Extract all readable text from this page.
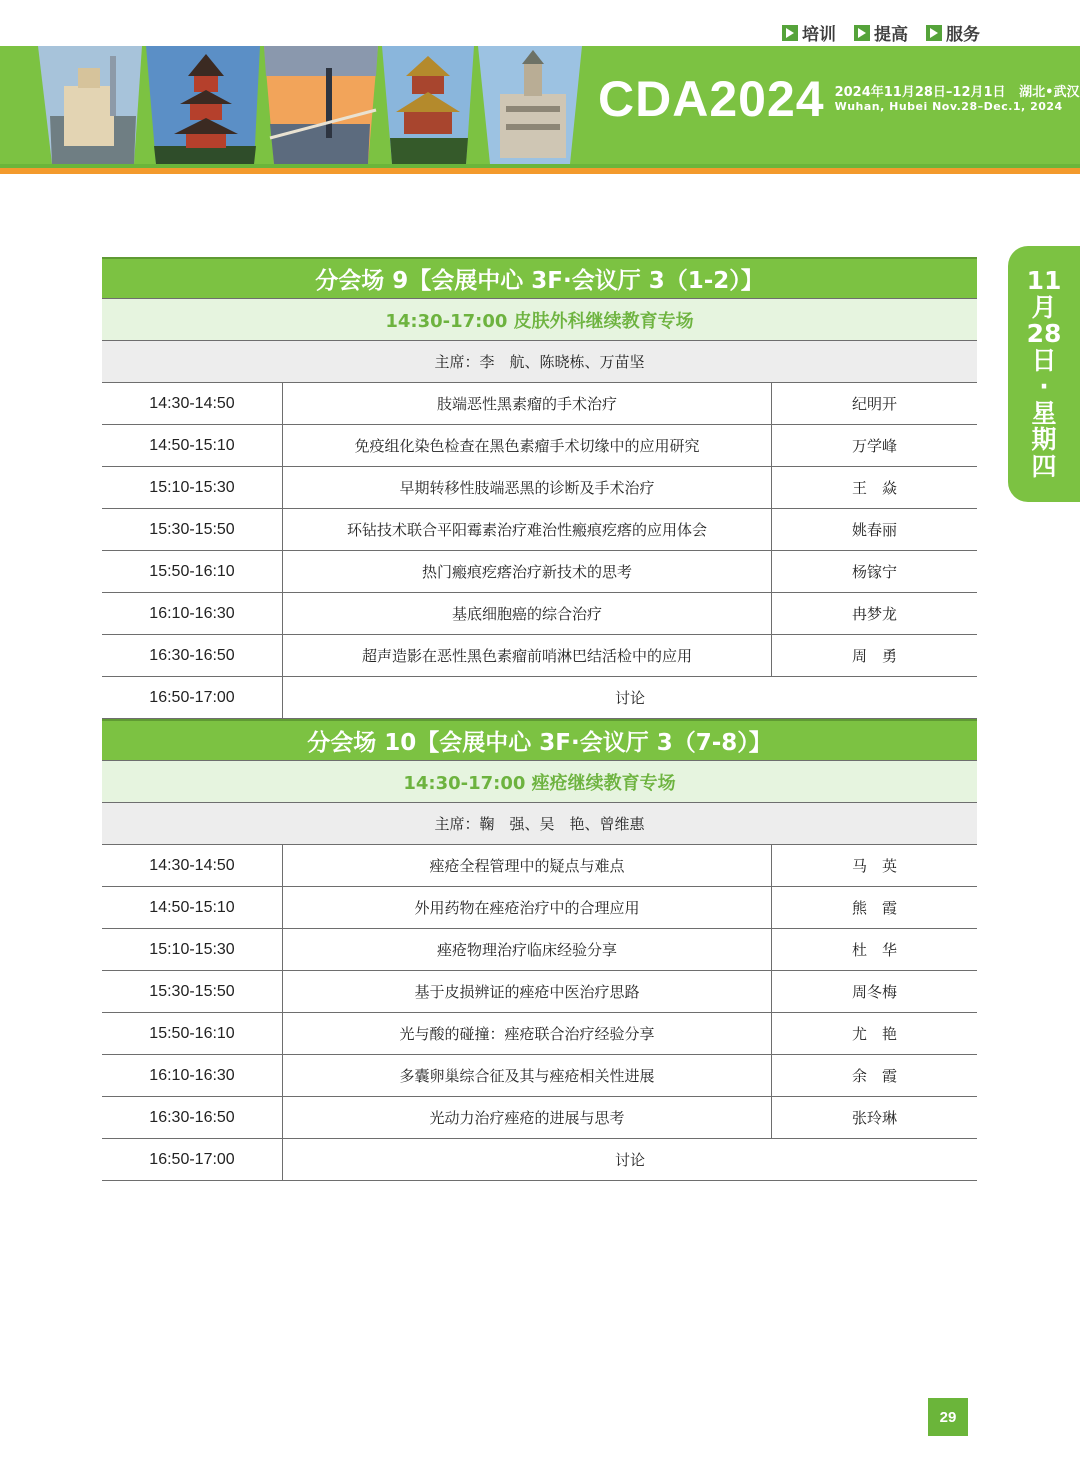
培训 提高 服务
CDA2024 2024年11月28日–12月1日 湖北•武汉
Wuhan, Hubei Nov.28–Dec.1, 2024
11
月
28
日
·
星
期
四
分会场 9【会展中心 3F·会议厅 3（1-2）】
14:30-17:00 皮肤外科继续教育专场
主席：李　航、陈晓栋、万苗坚
14:30-14:50	肢端恶性黑素瘤的手术治疗	纪明开
14:50-15:10	免疫组化染色检查在黑色素瘤手术切缘中的应用研究	万学峰
15:10-15:30	早期转移性肢端恶黑的诊断及手术治疗	王　焱
15:30-15:50	环钻技术联合平阳霉素治疗难治性瘢痕疙瘩的应用体会	姚春丽
15:50-16:10	热门瘢痕疙瘩治疗新技术的思考	杨镓宁
16:10-16:30	基底细胞癌的综合治疗	冉梦龙
16:30-16:50	超声造影在恶性黑色素瘤前哨淋巴结活检中的应用	周　勇
16:50-17:00	讨论
分会场 10【会展中心 3F·会议厅 3（7-8）】
14:30-17:00 痤疮继续教育专场
主席：鞠　强、吴　艳、曾维惠
14:30-14:50	痤疮全程管理中的疑点与难点	马　英
14:50-15:10	外用药物在痤疮治疗中的合理应用	熊　霞
15:10-15:30	痤疮物理治疗临床经验分享	杜　华
15:30-15:50	基于皮损辨证的痤疮中医治疗思路	周冬梅
15:50-16:10	光与酸的碰撞：痤疮联合治疗经验分享	尤　艳
16:10-16:30	多囊卵巢综合征及其与痤疮相关性进展	余　霞
16:30-16:50	光动力治疗痤疮的进展与思考	张玲琳
16:50-17:00	讨论
29
